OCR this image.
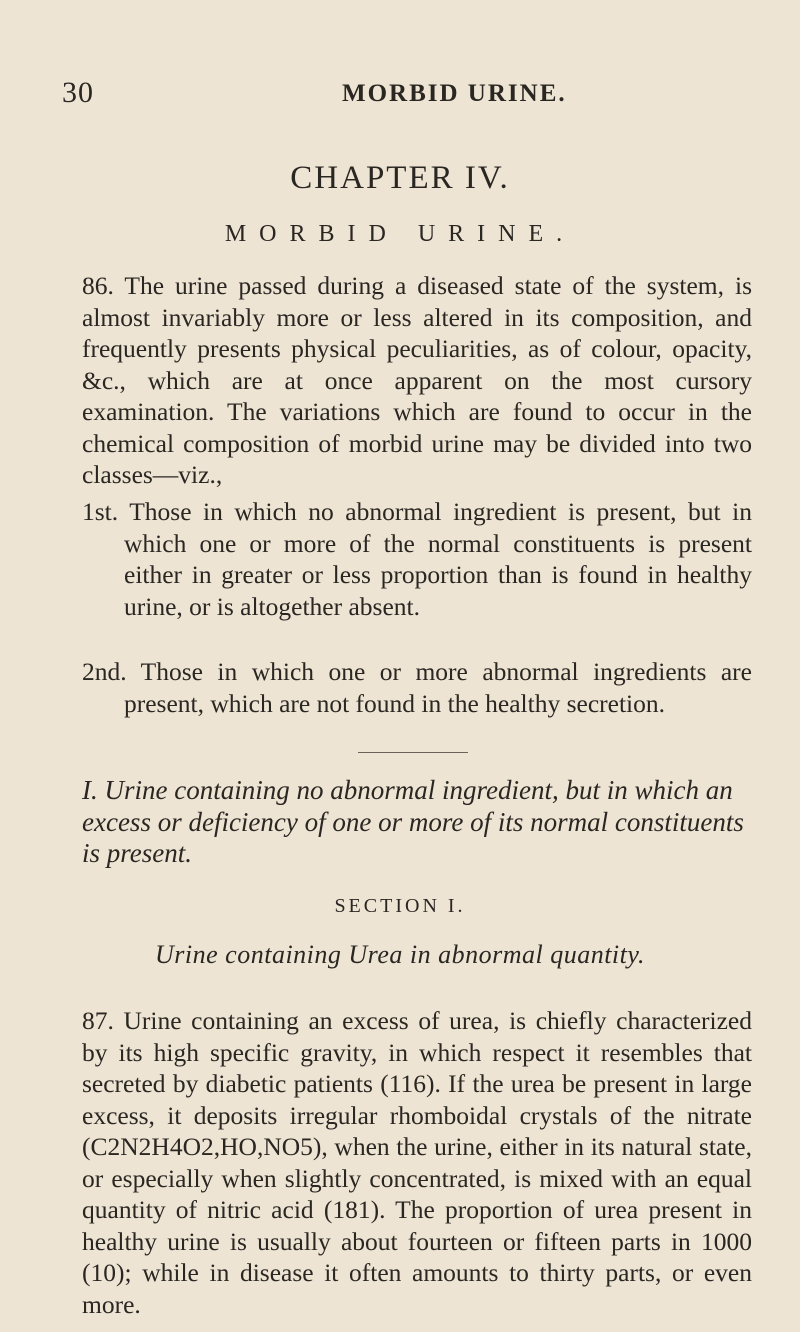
30	MORBID URINE.
CHAPTER IV.
MORBID URINE.
86. The urine passed during a diseased state of the system, is almost invariably more or less altered in its composition, and frequently presents physical peculiarities, as of colour, opacity, &c., which are at once apparent on the most cursory examination. The variations which are found to occur in the chemical composition of morbid urine may be divided into two classes—viz.,
1st. Those in which no abnormal ingredient is present, but in which one or more of the normal constituents is present either in greater or less proportion than is found in healthy urine, or is altogether absent.
2nd. Those in which one or more abnormal ingredients are present, which are not found in the healthy secretion.
I. Urine containing no abnormal ingredient, but in which an excess or deficiency of one or more of its normal constituents is present.
SECTION I.
Urine containing Urea in abnormal quantity.
87. Urine containing an excess of urea, is chiefly characterized by its high specific gravity, in which respect it resembles that secreted by diabetic patients (116). If the urea be present in large excess, it deposits irregular rhomboidal crystals of the nitrate (C2N2H4O2,HO,NO5), when the urine, either in its natural state, or especially when slightly concentrated, is mixed with an equal quantity of nitric acid (181). The proportion of urea present in healthy urine is usually about fourteen or fifteen parts in 1000 (10); while in disease it often amounts to thirty parts, or even more.
